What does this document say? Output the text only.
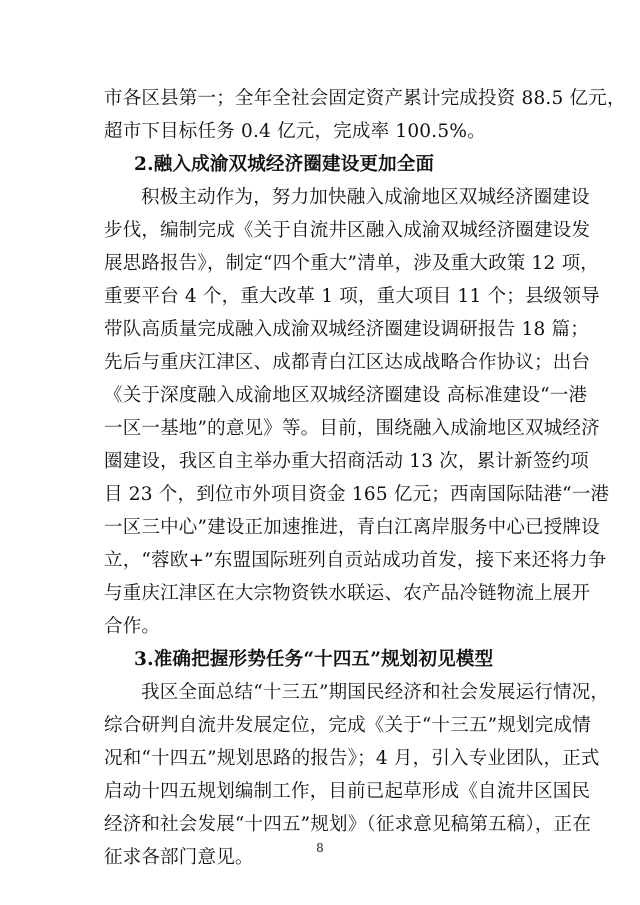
市各区县第一；全年全社会固定资产累计完成投资 88.5 亿元，
超市下目标任务 0.4 亿元，完成率 100.5%。
2.融入成渝双城经济圈建设更加全面
积极主动作为，努力加快融入成渝地区双城经济圈建设
步伐，编制完成《关于自流井区融入成渝双城经济圈建设发
展思路报告》，制定“四个重大”清单，涉及重大政策 12 项，
重要平台 4 个，重大改革 1 项，重大项目 11 个；县级领导
带队高质量完成融入成渝双城经济圈建设调研报告 18 篇；
先后与重庆江津区、成都青白江区达成战略合作协议；出台
《关于深度融入成渝地区双城经济圈建设 高标准建设“一港
一区一基地”的意见》等。目前，围绕融入成渝地区双城经济
圈建设，我区自主举办重大招商活动 13 次，累计新签约项
目 23 个，到位市外项目资金 165 亿元；西南国际陆港“一港
一区三中心”建设正加速推进，青白江离岸服务中心已授牌设
立，“蓉欧+”东盟国际班列自贡站成功首发，接下来还将力争
与重庆江津区在大宗物资铁水联运、农产品冷链物流上展开
合作。
3.准确把握形势任务“十四五”规划初见模型
我区全面总结“十三五”期国民经济和社会发展运行情况，
综合研判自流井发展定位，完成《关于“十三五”规划完成情
况和“十四五”规划思路的报告》；4 月，引入专业团队，正式
启动十四五规划编制工作，目前已起草形成《自流井区国民
经济和社会发展“十四五”规划》（征求意见稿第五稿），正在
征求各部门意见。	8
